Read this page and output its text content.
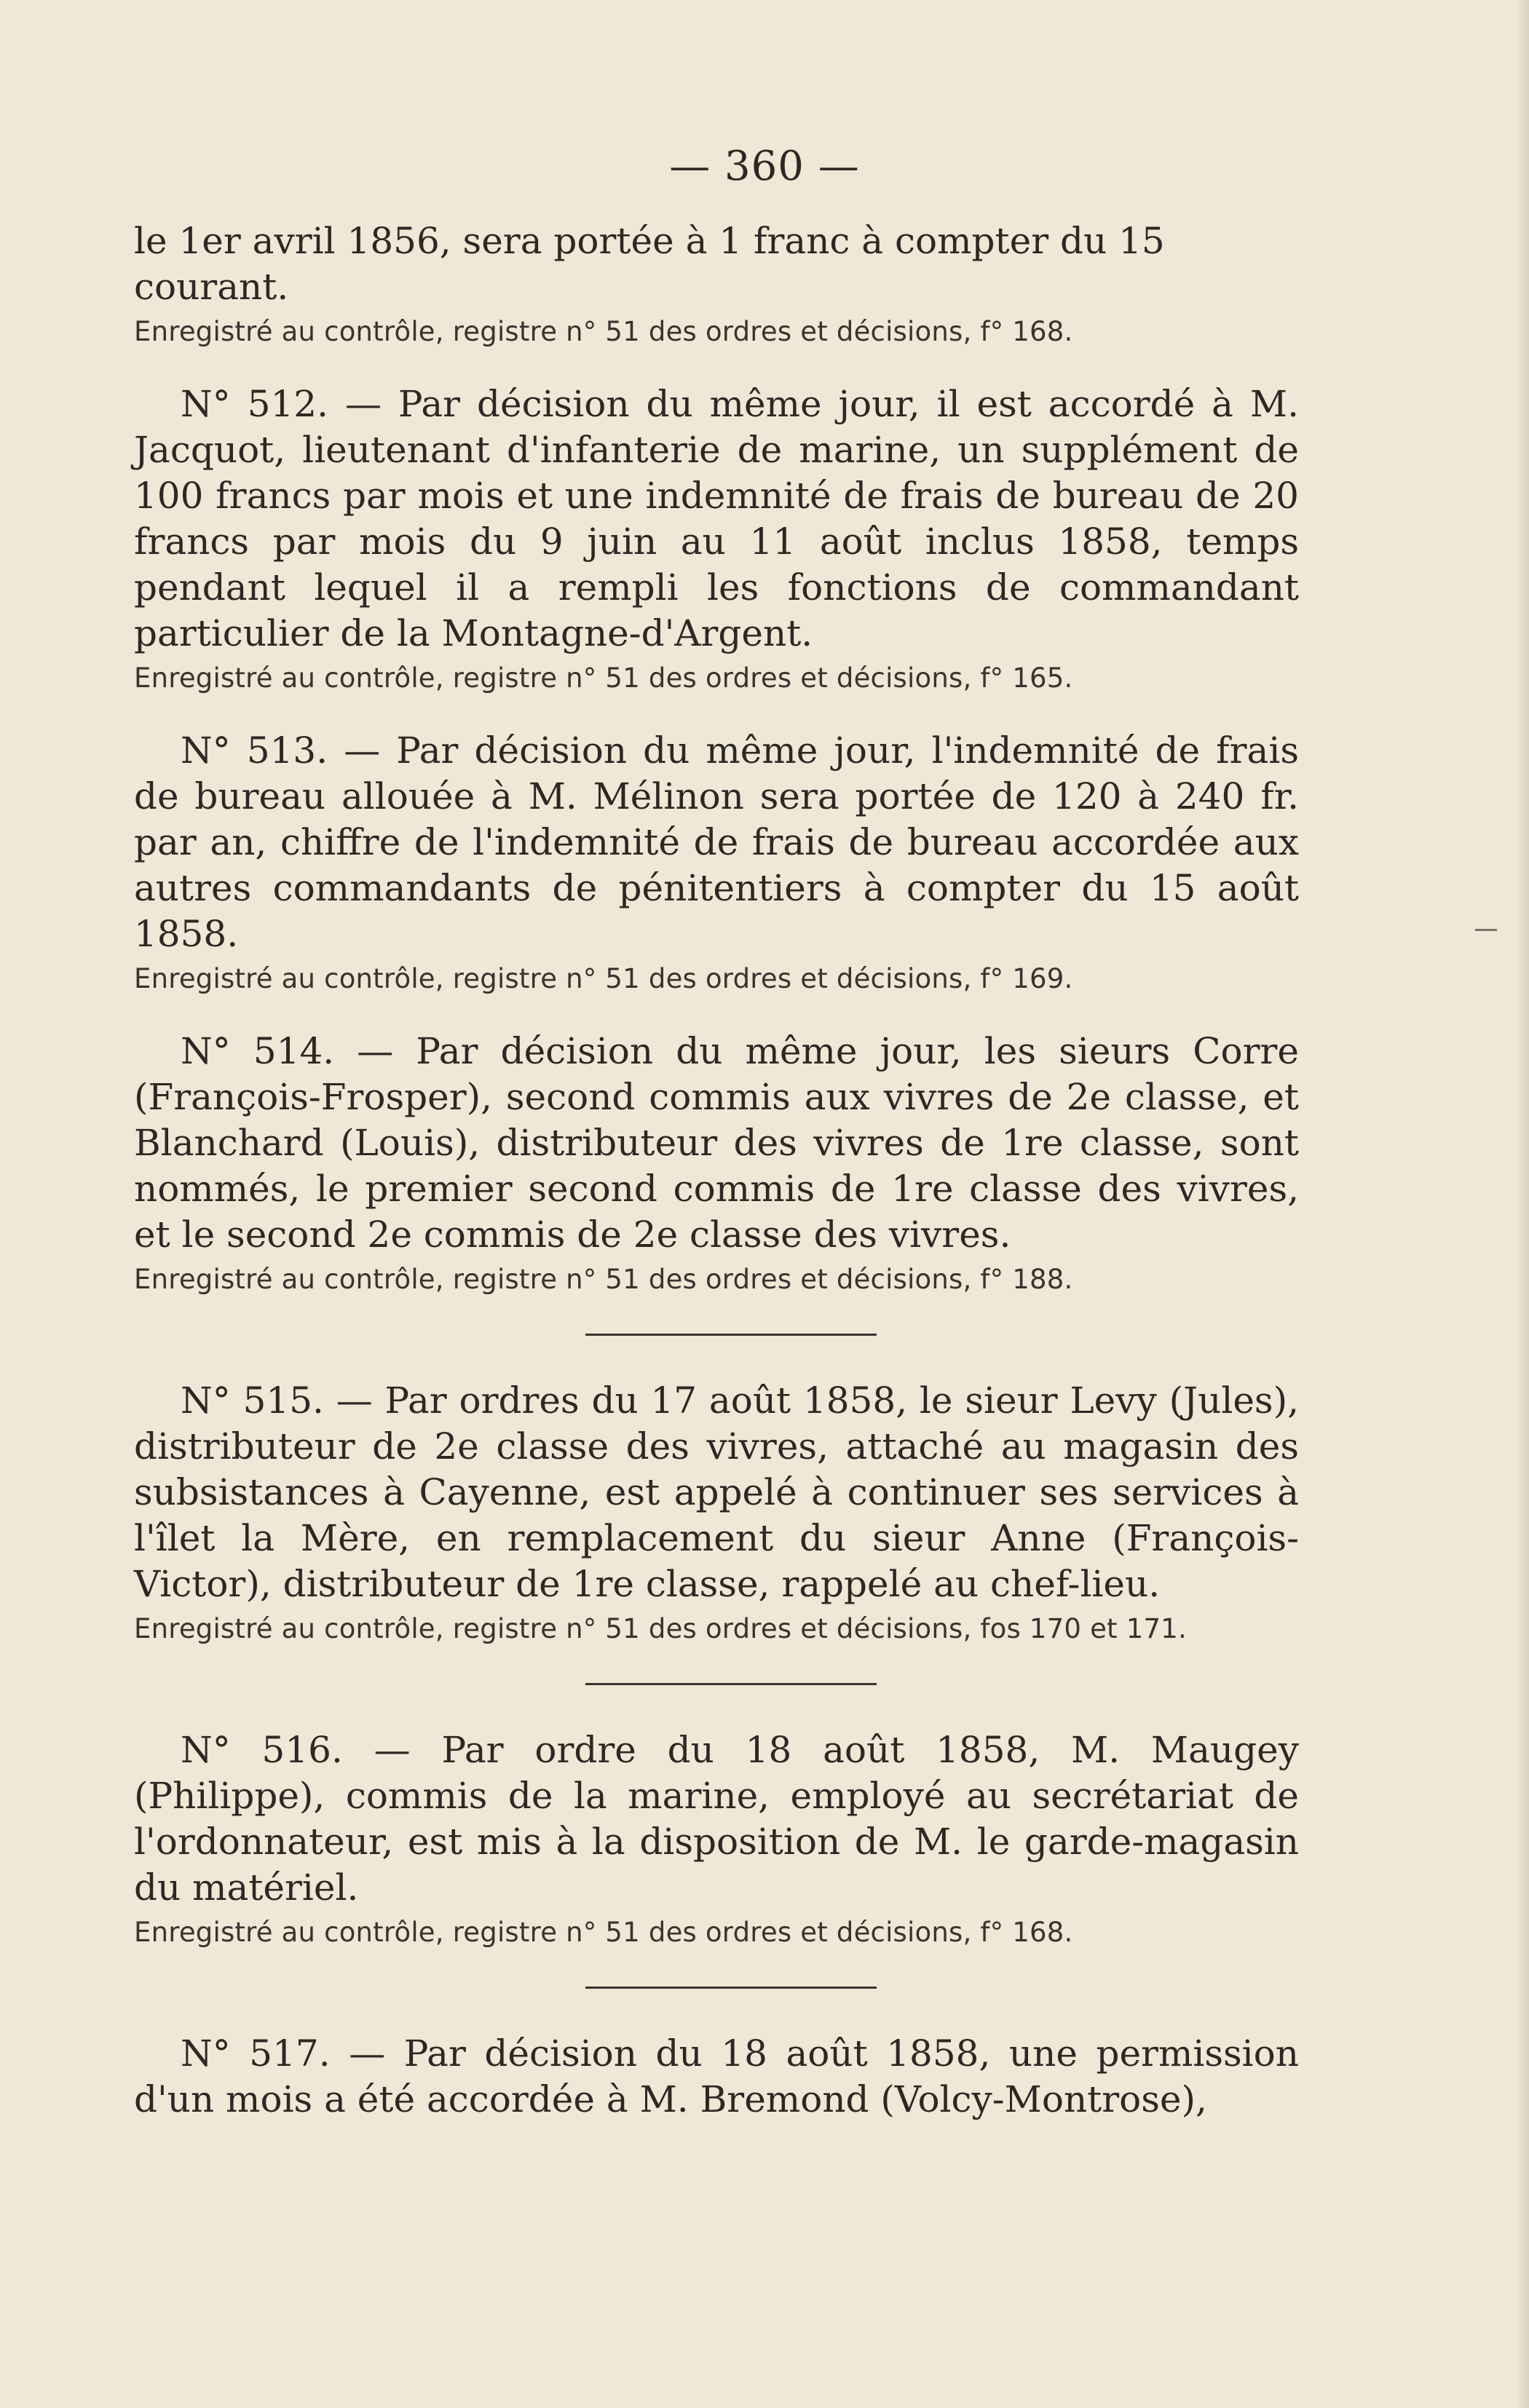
— 360 —

le 1er avril 1856, sera portée à 1 franc à compter du 15 courant.

Enregistré au contrôle, registre n° 51 des ordres et décisions, f° 168.

N° 512. — Par décision du même jour, il est accordé à M. Jacquot, lieutenant d'infanterie de marine, un supplément de 100 francs par mois et une indemnité de frais de bureau de 20 francs par mois du 9 juin au 11 août inclus 1858, temps pendant lequel il a rempli les fonctions de commandant particulier de la Montagne-d'Argent.

Enregistré au contrôle, registre n° 51 des ordres et décisions, f° 165.

N° 513. — Par décision du même jour, l'indemnité de frais de bureau allouée à M. Mélinon sera portée de 120 à 240 fr. par an, chiffre de l'indemnité de frais de bureau accordée aux autres commandants de pénitentiers à compter du 15 août 1858.

Enregistré au contrôle, registre n° 51 des ordres et décisions, f° 169.

N° 514. — Par décision du même jour, les sieurs Corre (François-Frosper), second commis aux vivres de 2e classe, et Blanchard (Louis), distributeur des vivres de 1re classe, sont nommés, le premier second commis de 1re classe des vivres, et le second 2e commis de 2e classe des vivres.

Enregistré au contrôle, registre n° 51 des ordres et décisions, f° 188.

N° 515. — Par ordres du 17 août 1858, le sieur Levy (Jules), distributeur de 2e classe des vivres, attaché au magasin des subsistances à Cayenne, est appelé à continuer ses services à l'îlet la Mère, en remplacement du sieur Anne (François-Victor), distributeur de 1re classe, rappelé au chef-lieu.

Enregistré au contrôle, registre n° 51 des ordres et décisions, fos 170 et 171.

N° 516. — Par ordre du 18 août 1858, M. Maugey (Philippe), commis de la marine, employé au secrétariat de l'ordonnateur, est mis à la disposition de M. le garde-magasin du matériel.

Enregistré au contrôle, registre n° 51 des ordres et décisions, f° 168.

N° 517. — Par décision du 18 août 1858, une permission d'un mois a été accordée à M. Bremond (Volcy-Montrose),
